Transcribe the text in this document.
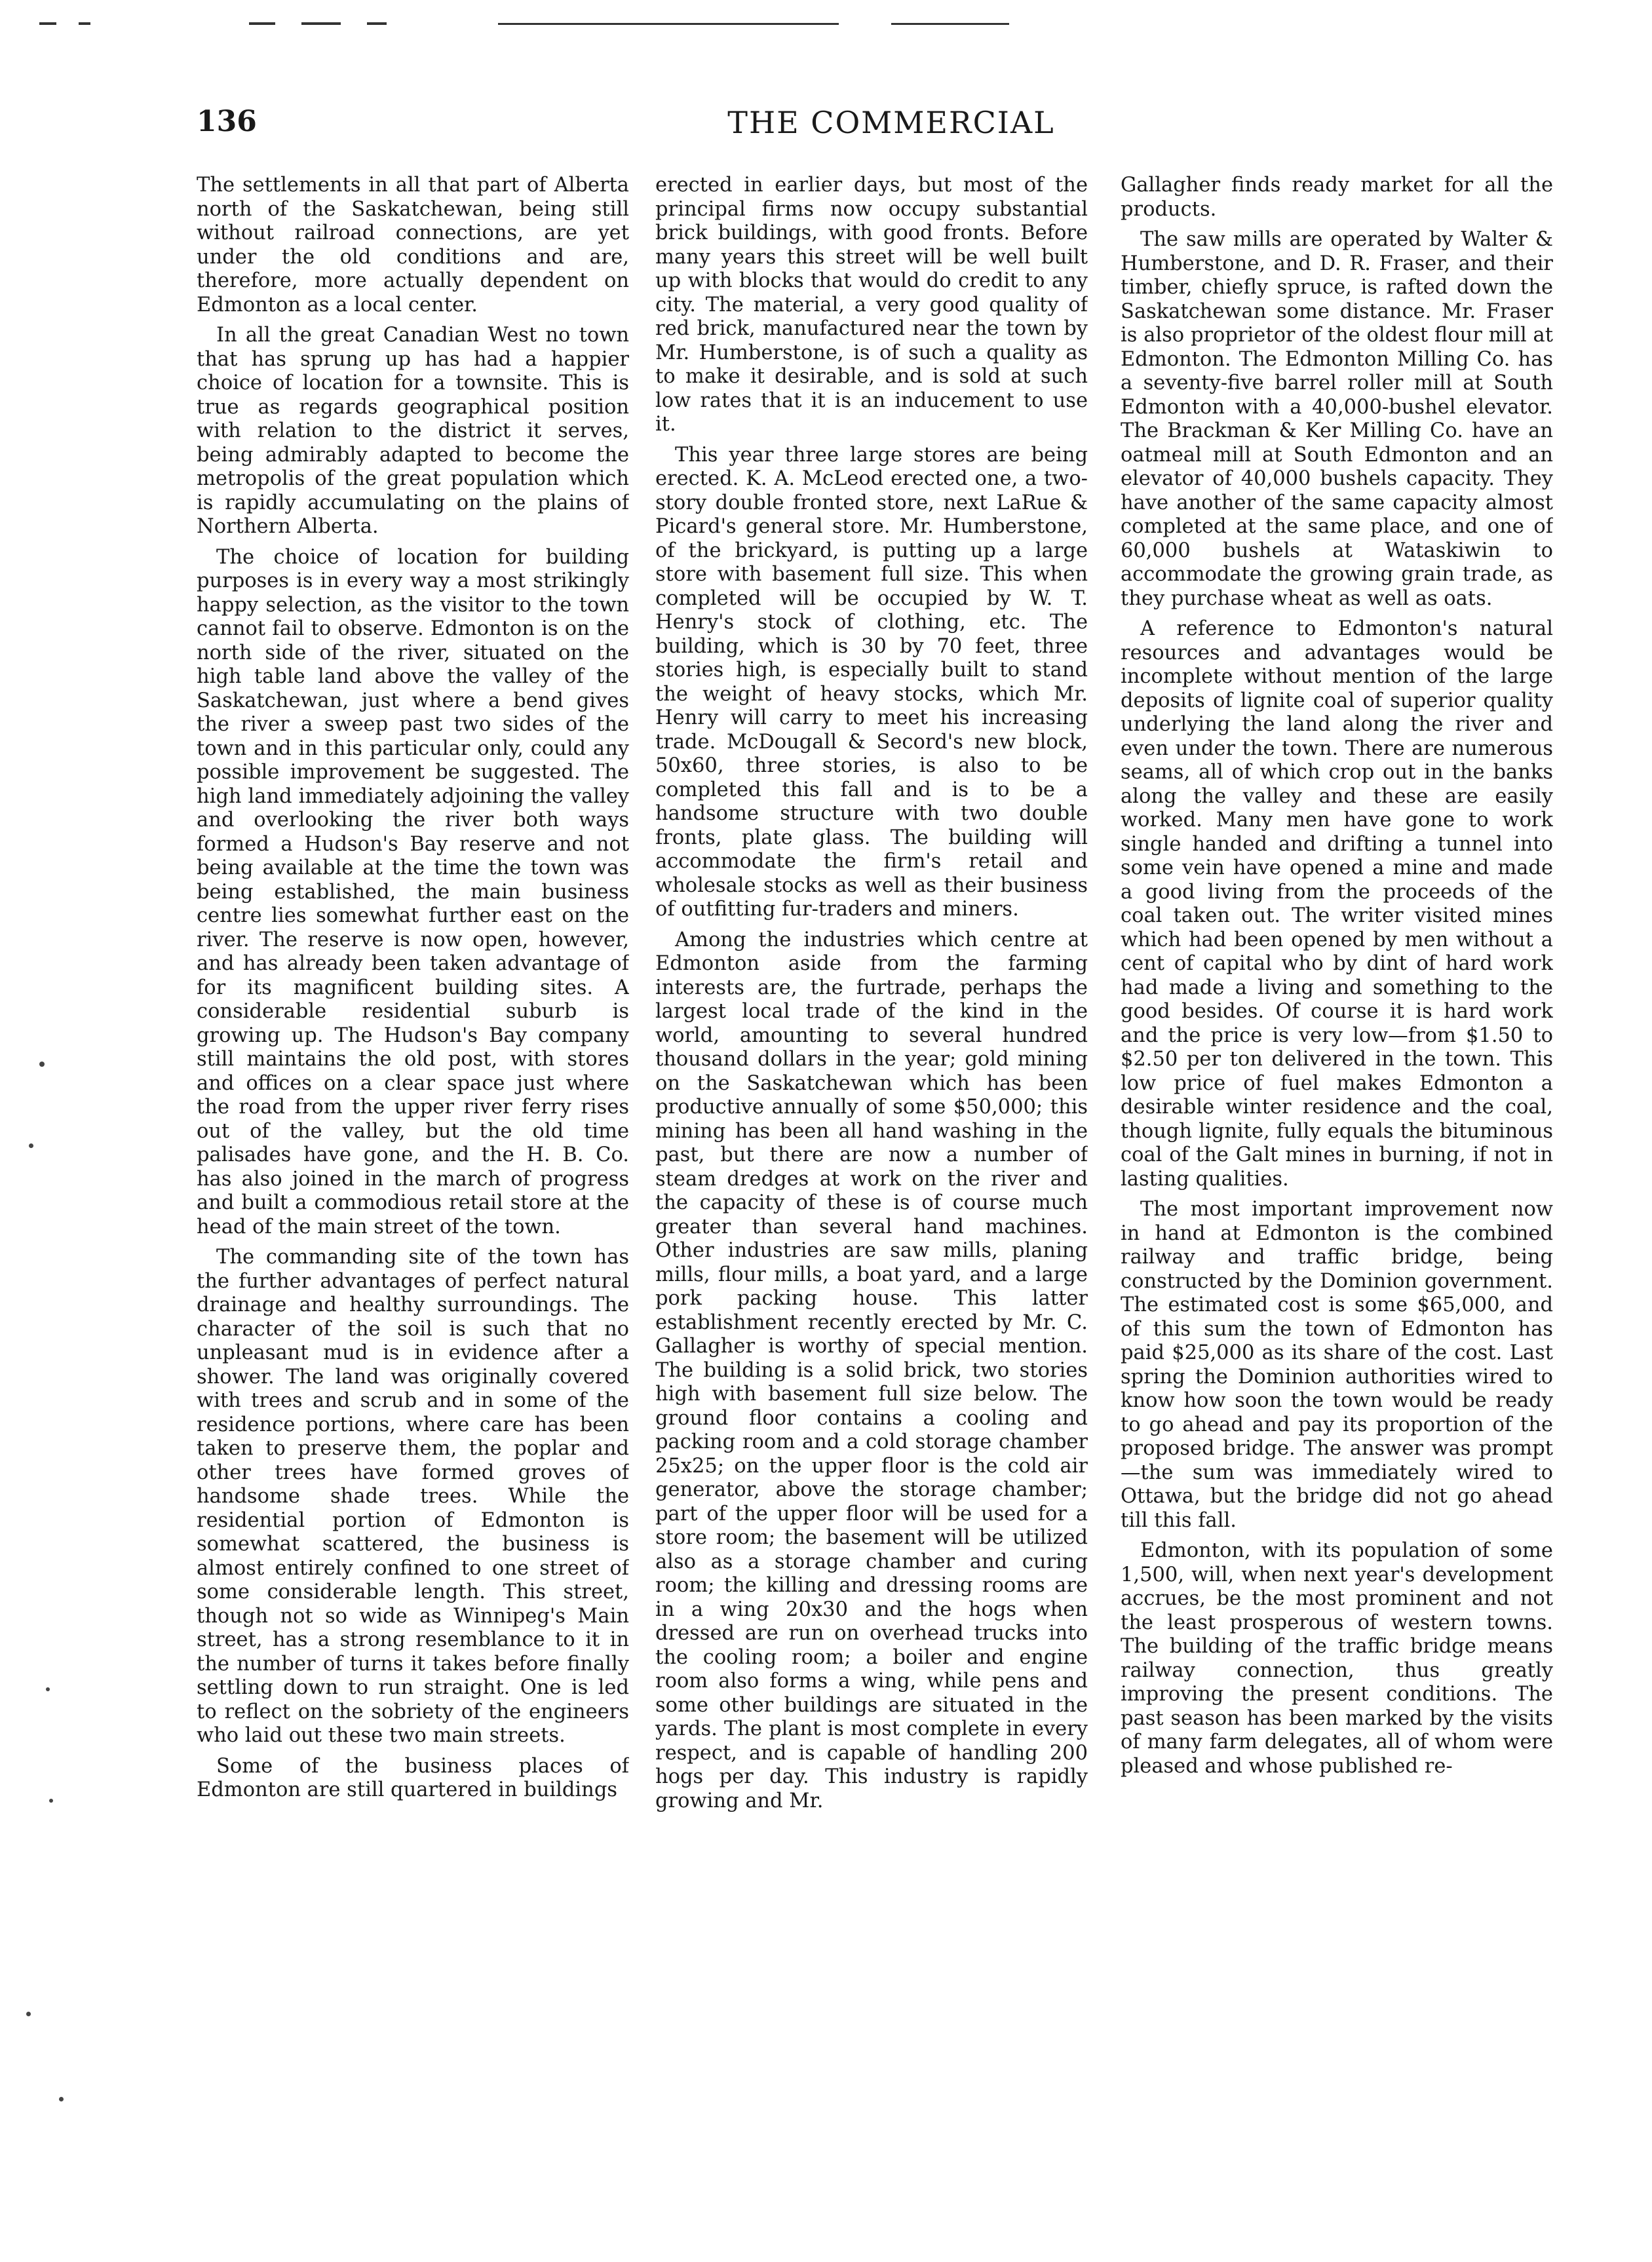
136	THE COMMERCIAL

The settlements in all that part of Alberta north of the Saskatchewan, being still without railroad connections, are yet under the old conditions and are, therefore, more actually dependent on Edmonton as a local center.

In all the great Canadian West no town that has sprung up has had a happier choice of location for a townsite. This is true as regards geographical position with relation to the district it serves, being admirably adapted to become the metropolis of the great population which is rapidly accumulating on the plains of Northern Alberta.

The choice of location for building purposes is in every way a most strikingly happy selection, as the visitor to the town cannot fail to observe. Edmonton is on the north side of the river, situated on the high table land above the valley of the Saskatchewan, just where a bend gives the river a sweep past two sides of the town and in this particular only, could any possible improvement be suggested. The high land immediately adjoining the valley and overlooking the river both ways formed a Hudson's Bay reserve and not being available at the time the town was being established, the main business centre lies somewhat further east on the river. The reserve is now open, however, and has already been taken advantage of for its magnificent building sites. A considerable residential suburb is growing up. The Hudson's Bay company still maintains the old post, with stores and offices on a clear space just where the road from the upper river ferry rises out of the valley, but the old time palisades have gone, and the H. B. Co. has also joined in the march of progress and built a commodious retail store at the head of the main street of the town.

The commanding site of the town has the further advantages of perfect natural drainage and healthy surroundings. The character of the soil is such that no unpleasant mud is in evidence after a shower. The land was originally covered with trees and scrub and in some of the residence portions, where care has been taken to preserve them, the poplar and other trees have formed groves of handsome shade trees. While the residential portion of Edmonton is somewhat scattered, the business is almost entirely confined to one street of some considerable length. This street, though not so wide as Winnipeg's Main street, has a strong resemblance to it in the number of turns it takes before finally settling down to run straight. One is led to reflect on the sobriety of the engineers who laid out these two main streets.

Some of the business places of Edmonton are still quartered in buildings

erected in earlier days, but most of the principal firms now occupy substantial brick buildings, with good fronts. Before many years this street will be well built up with blocks that would do credit to any city. The material, a very good quality of red brick, manufactured near the town by Mr. Humberstone, is of such a quality as to make it desirable, and is sold at such low rates that it is an inducement to use it.

This year three large stores are being erected. K. A. McLeod erected one, a two-story double fronted store, next LaRue & Picard's general store. Mr. Humberstone, of the brickyard, is putting up a large store with basement full size. This when completed will be occupied by W. T. Henry's stock of clothing, etc. The building, which is 30 by 70 feet, three stories high, is especially built to stand the weight of heavy stocks, which Mr. Henry will carry to meet his increasing trade. McDougall & Secord's new block, 50x60, three stories, is also to be completed this fall and is to be a handsome structure with two double fronts, plate glass. The building will accommodate the firm's retail and wholesale stocks as well as their business of outfitting fur-traders and miners.

Among the industries which centre at Edmonton aside from the farming interests are, the furtrade, perhaps the largest local trade of the kind in the world, amounting to several hundred thousand dollars in the year; gold mining on the Saskatchewan which has been productive annually of some $50,000; this mining has been all hand washing in the past, but there are now a number of steam dredges at work on the river and the capacity of these is of course much greater than several hand machines. Other industries are saw mills, planing mills, flour mills, a boat yard, and a large pork packing house. This latter establishment recently erected by Mr. C. Gallagher is worthy of special mention. The building is a solid brick, two stories high with basement full size below. The ground floor contains a cooling and packing room and a cold storage chamber 25x25; on the upper floor is the cold air generator, above the storage chamber; part of the upper floor will be used for a store room; the basement will be utilized also as a storage chamber and curing room; the killing and dressing rooms are in a wing 20x30 and the hogs when dressed are run on overhead trucks into the cooling room; a boiler and engine room also forms a wing, while pens and some other buildings are situated in the yards. The plant is most complete in every respect, and is capable of handling 200 hogs per day. This industry is rapidly growing and Mr.

Gallagher finds ready market for all the products.

The saw mills are operated by Walter & Humberstone, and D. R. Fraser, and their timber, chiefly spruce, is rafted down the Saskatchewan some distance. Mr. Fraser is also proprietor of the oldest flour mill at Edmonton. The Edmonton Milling Co. has a seventy-five barrel roller mill at South Edmonton with a 40,000-bushel elevator. The Brackman & Ker Milling Co. have an oatmeal mill at South Edmonton and an elevator of 40,000 bushels capacity. They have another of the same capacity almost completed at the same place, and one of 60,000 bushels at Wataskiwin to accommodate the growing grain trade, as they purchase wheat as well as oats.

A reference to Edmonton's natural resources and advantages would be incomplete without mention of the large deposits of lignite coal of superior quality underlying the land along the river and even under the town. There are numerous seams, all of which crop out in the banks along the valley and these are easily worked. Many men have gone to work single handed and drifting a tunnel into some vein have opened a mine and made a good living from the proceeds of the coal taken out. The writer visited mines which had been opened by men without a cent of capital who by dint of hard work had made a living and something to the good besides. Of course it is hard work and the price is very low—from $1.50 to $2.50 per ton delivered in the town. This low price of fuel makes Edmonton a desirable winter residence and the coal, though lignite, fully equals the bituminous coal of the Galt mines in burning, if not in lasting qualities.

The most important improvement now in hand at Edmonton is the combined railway and traffic bridge, being constructed by the Dominion government. The estimated cost is some $65,000, and of this sum the town of Edmonton has paid $25,000 as its share of the cost. Last spring the Dominion authorities wired to know how soon the town would be ready to go ahead and pay its proportion of the proposed bridge. The answer was prompt—the sum was immediately wired to Ottawa, but the bridge did not go ahead till this fall.

Edmonton, with its population of some 1,500, will, when next year's development accrues, be the most prominent and not the least prosperous of western towns. The building of the traffic bridge means railway connection, thus greatly improving the present conditions. The past season has been marked by the visits of many farm delegates, all of whom were pleased and whose published re-
